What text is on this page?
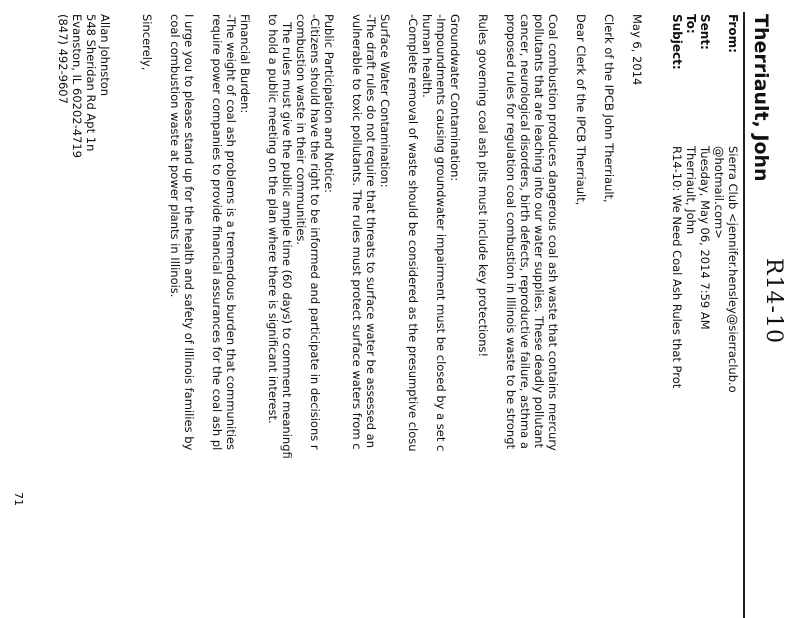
R14-10
Therriault, John
From:
Sierra Club <jennifer.hensley@sierraclub.o
@hotmail.com>
Sent:
Tuesday, May 06, 2014 7:59 AM
To:
Therriault, John
Subject:
R14-10: We Need Coal Ash Rules that Prot
May 6, 2014
Clerk of the IPCB John Therriault,
Dear Clerk of the IPCB Therriault,
Coal combustion produces dangerous coal ash waste that contains mercury
pollutants that are leaching into our water supplies. These deadly pollutant
cancer, neurological disorders, birth defects, reproductive failure, asthma a
proposed rules for regulation coal combustion in Illinois waste to be strongt
Rules governing coal ash pits must include key protections!
Groundwater Contamination:
-Impoundments causing groundwater impairment must be closed by a set c
human health.
-Complete removal of waste should be considered as the presumptive closu
Surface Water Contamination:
-The draft rules do not require that threats to surface water be assessed an
vulnerable to toxic pollutants. The rules must protect surface waters from c
Public Participation and Notice:
-Citizens should have the right to be informed and participate in decisions r
combustion waste in their communities.
The rules must give the public ample time (60 days) to comment meaningfi
to hold a public meeting on the plan where there is significant interest.
Financial Burden:
-The weight of coal ash problems is a tremendous burden that communities
require power companies to provide financial assurances for the coal ash pl
I urge you to please stand up for the health and safety of Illinois families by
coal combustion waste at power plants in Illinois.
Sincerely,
Allan Johnston
548 Sheridan Rd Apt 1n
Evanston, IL 60202-4719
(847) 492-9607
71
